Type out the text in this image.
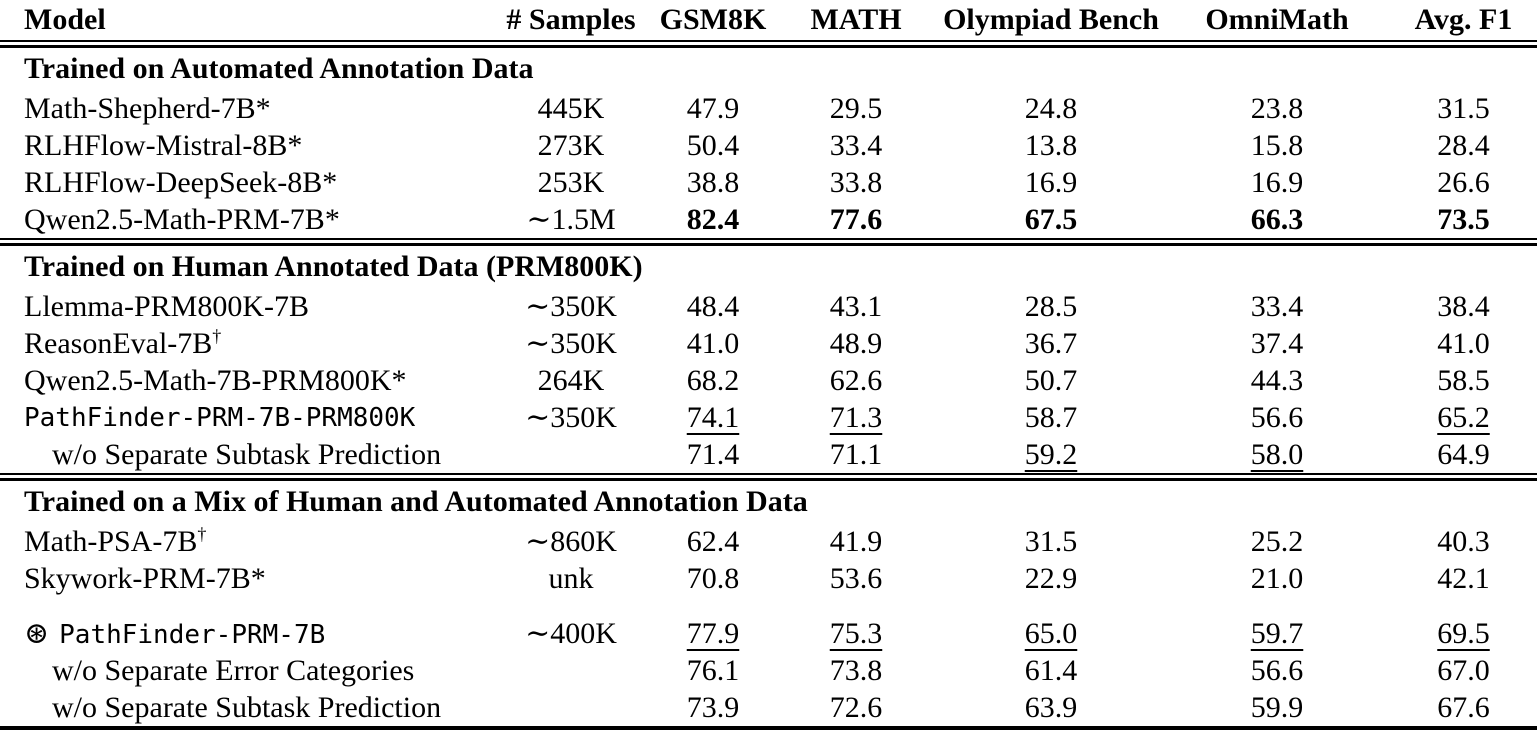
Model	# Samples	GSM8K	MATH	Olympiad Bench	OmniMath	Avg. F1

Trained on Automated Annotation Data						
Math-Shepherd-7B*	445K	47.9	29.5	24.8	23.8	31.5
RLHFlow-Mistral-8B*	273K	50.4	33.4	13.8	15.8	28.4
RLHFlow-DeepSeek-8B*	253K	38.8	33.8	16.9	16.9	26.6
Qwen2.5-Math-PRM-7B*	∼1.5M	82.4	77.6	67.5	66.3	73.5

Trained on Human Annotated Data (PRM800K)						
Llemma-PRM800K-7B	∼350K	48.4	43.1	28.5	33.4	38.4
ReasonEval-7B†	∼350K	41.0	48.9	36.7	37.4	41.0
Qwen2.5-Math-7B-PRM800K*	264K	68.2	62.6	50.7	44.3	58.5
PathFinder-PRM-7B-PRM800K	∼350K	74.1	71.3	58.7	56.6	65.2
w/o Separate Subtask Prediction		71.4	71.1	59.2	58.0	64.9

Trained on a Mix of Human and Automated Annotation Data						
Math-PSA-7B†	∼860K	62.4	41.9	31.5	25.2	40.3
Skywork-PRM-7B*	unk	70.8	53.6	22.9	21.0	42.1
⊛ PathFinder-PRM-7B	∼400K	77.9	75.3	65.0	59.7	69.5
w/o Separate Error Categories		76.1	73.8	61.4	56.6	67.0
w/o Separate Subtask Prediction		73.9	72.6	63.9	59.9	67.6
